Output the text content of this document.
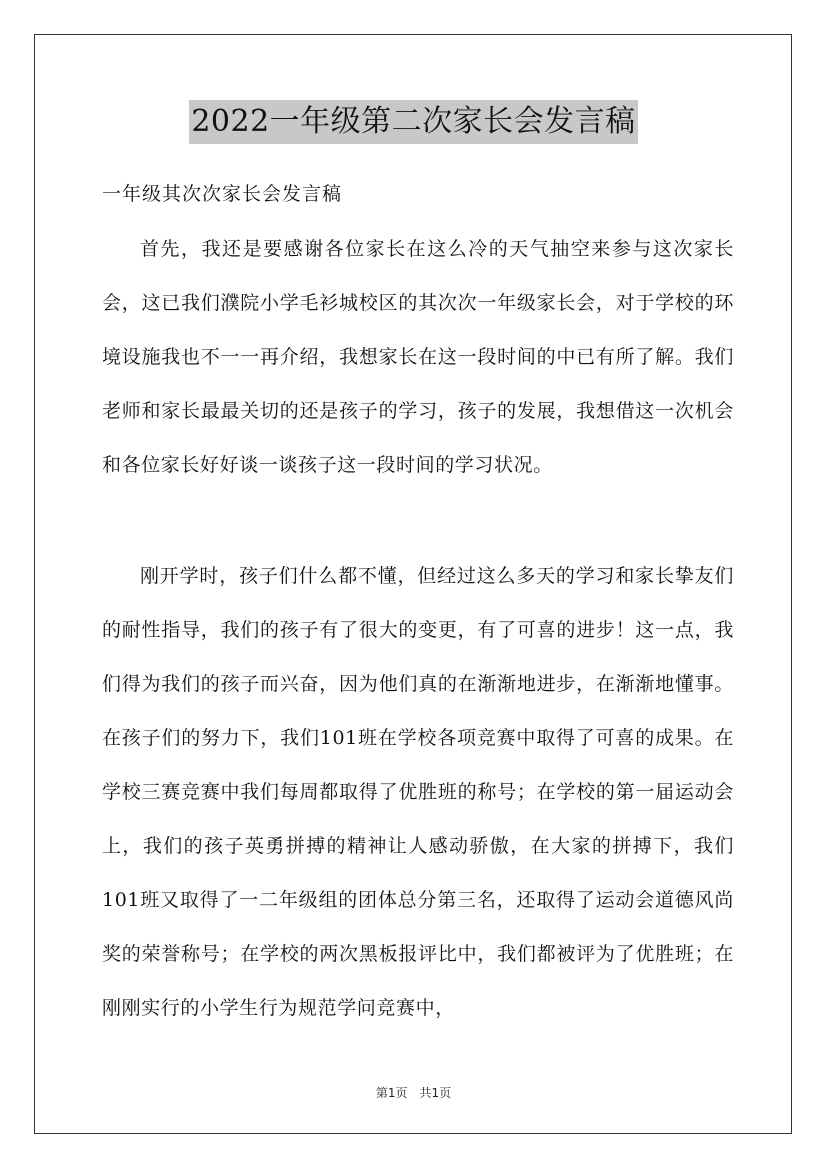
2022一年级第二次家长会发言稿
一年级其次次家长会发言稿

首先，我还是要感谢各位家长在这么冷的天气抽空来参与这次家长会，这已我们濮院小学毛衫城校区的其次次一年级家长会，对于学校的环境设施我也不一一再介绍，我想家长在这一段时间的中已有所了解。我们老师和家长最最关切的还是孩子的学习，孩子的发展，我想借这一次机会和各位家长好好谈一谈孩子这一段时间的学习状况。

刚开学时，孩子们什么都不懂，但经过这么多天的学习和家长挚友们的耐性指导，我们的孩子有了很大的变更，有了可喜的进步！这一点，我们得为我们的孩子而兴奋，因为他们真的在渐渐地进步，在渐渐地懂事。在孩子们的努力下，我们101班在学校各项竞赛中取得了可喜的成果。在学校三赛竞赛中我们每周都取得了优胜班的称号；在学校的第一届运动会上，我们的孩子英勇拼搏的精神让人感动骄傲，在大家的拼搏下，我们101班又取得了一二年级组的团体总分第三名，还取得了运动会道德风尚奖的荣誉称号；在学校的两次黑板报评比中，我们都被评为了优胜班；在刚刚实行的小学生行为规范学问竞赛中，

第1页　共1页
